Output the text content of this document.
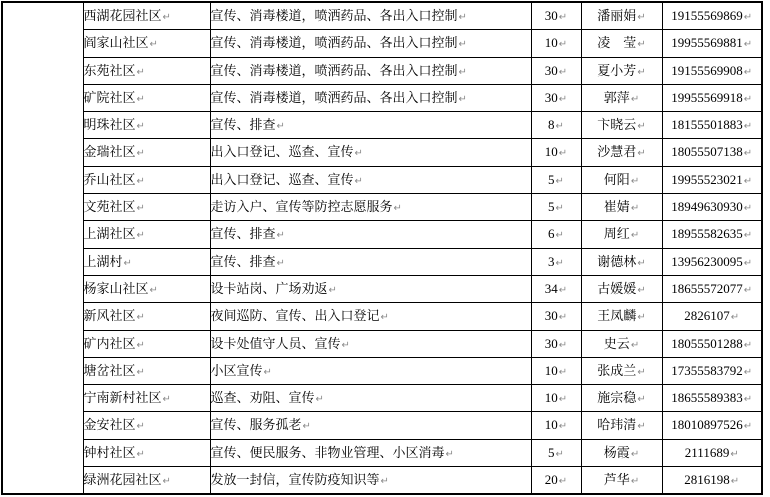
	西湖花园社区↵	宣传、消毒楼道，喷洒药品、各出入口控制↵	30↵	潘丽娟↵	19155569869↵
	阎家山社区↵	宣传、消毒楼道，喷洒药品、各出入口控制↵	10↵	凌　莹↵	19955569881↵
	东苑社区↵	宣传、消毒楼道，喷洒药品、各出入口控制↵	30↵	夏小芳↵	19155569908↵
	矿院社区↵	宣传、消毒楼道，喷洒药品、各出入口控制↵	30↵	郭萍↵	19955569918↵
	明珠社区↵	宣传、排查↵	8↵	卞晓云↵	18155501883↵
	金瑞社区↵	出入口登记、巡查、宣传↵	10↵	沙慧君↵	18055507138↵
	乔山社区↵	出入口登记、巡查、宣传↵	5↵	何阳↵	19955523021↵
	文苑社区↵	走访入户、宣传等防控志愿服务↵	5↵	崔婧↵	18949630930↵
	上湖社区↵	宣传、排查↵	6↵	周红↵	18955582635↵
	上湖村↵	宣传、排查↵	3↵	谢德林↵	13956230095↵
	杨家山社区↵	设卡站岗、广场劝返↵	34↵	古媛媛↵	18655572077↵
	新风社区↵	夜间巡防、宣传、出入口登记↵	30↵	王凤麟↵	2826107↵
	矿内社区↵	设卡处值守人员、宣传↵	30↵	史云↵	18055501288↵
	塘岔社区↵	小区宣传↵	10↵	张成兰↵	17355583792↵
	宁南新村社区↵	巡查、劝阻、宣传↵	10↵	施宗稳↵	18655589383↵
	金安社区↵	宣传、服务孤老↵	10↵	哈玮清↵	18010897526↵
	钟村社区↵	宣传、便民服务、非物业管理、小区消毒↵	5↵	杨霞↵	2111689↵
	绿洲花园社区↵	发放一封信，宣传防疫知识等↵	20↵	芦华↵	2816198↵
